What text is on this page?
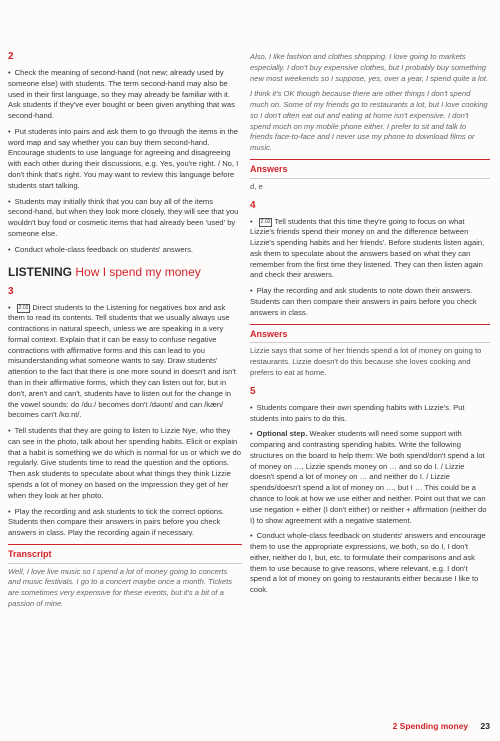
2

• Check the meaning of second-hand (not new; already used by someone else) with students. The term second-hand may also be used in their first language, so they may already be familiar with it. Ask students if they've ever bought or been given anything that was second-hand.

• Put students into pairs and ask them to go through the items in the word map and say whether you can buy them second-hand. Encourage students to use language for agreeing and disagreeing with each other during their discussions, e.g. Yes, you're right. / No, I don't think that's right. You may want to review this language before students start talking.

• Students may initially think that you can buy all of the items second-hand, but when they look more closely, they will see that you wouldn't buy food or cosmetic items that had already been 'used' by someone else.

• Conduct whole-class feedback on students' answers.

LISTENING How I spend my money
3

• 2.02 Direct students to the Listening for negatives box and ask them to read its contents. Tell students that we usually always use contractions in natural speech, unless we are speaking in a very formal context. Explain that it can be easy to confuse negative contractions with affirmative forms and this can lead to you misunderstanding what someone wants to say. Draw students' attention to the fact that there is one more sound in doesn't and isn't than in their affirmative forms, which they can listen out for, but in don't, aren't and can't, students have to listen out for the change in the vowel sounds: do /duː/ becomes don't /dəʊnt/ and can /kæn/ becomes can't /kɑːnt/.

• Tell students that they are going to listen to Lizzie Nye, who they can see in the photo, talk about her spending habits. Elicit or explain that a habit is something we do which is normal for us or which we do regularly. Give students time to read the question and the options. Then ask students to speculate about what things they think Lizzie spends a lot of money on based on the impression they get of her when they look at her photo.

• Play the recording and ask students to tick the correct options. Students then compare their answers in pairs before you check answers in class. Play the recording again if necessary.

Transcript
Well, I love live music so I spend a lot of money going to concerts and music festivals. I go to a concert maybe once a month. Tickets are sometimes very expensive for these events, but it's a bit of a passion of mine.

Also, I like fashion and clothes shopping. I love going to markets especially. I don't buy expensive clothes, but I probably buy something new most weekends so I suppose, yes, over a year, I spend quite a lot.

I think it's OK though because there are other things I don't spend much on. Some of my friends go to restaurants a lot, but I love cooking so I don't often eat out and eating at home isn't expensive. I don't spend much on my mobile phone either. I prefer to sit and talk to friends face-to-face and I never use my phone to download films or music.

Answers
d, e
4

• 2.02 Tell students that this time they're going to focus on what Lizzie's friends spend their money on and the difference between Lizzie's spending habits and her friends'. Before students listen again, ask them to speculate about the answers based on what they can remember from the first time they listened. They can then listen again and check their answers.

• Play the recording and ask students to note down their answers. Students can then compare their answers in pairs before you check answers in class.

Answers
Lizzie says that some of her friends spend a lot of money on going to restaurants. Lizzie doesn't do this because she loves cooking and prefers to eat at home.
5

• Students compare their own spending habits with Lizzie's. Put students into pairs to do this.

• Optional step. Weaker students will need some support with comparing and contrasting spending habits. Write the following structures on the board to help them: We both spend/don't spend a lot of money on …, Lizzie spends money on … and so do I. / Lizzie doesn't spend a lot of money on … and neither do I. / Lizzie spends/doesn't spend a lot of money on …, but I … This could be a chance to look at how we use either and neither. Point out that we can use negation + either (I don't either) or neither + affirmation (neither do I) to show agreement with a negative statement.

• Conduct whole-class feedback on students' answers and encourage them to use the appropriate expressions, we both, so do I, I don't either, neither do I, but, etc. to formulate their comparisons and ask them to use because to give reasons, where relevant, e.g. I don't spend a lot of money on going to restaurants either because I like to cook.

2 Spending money 23
